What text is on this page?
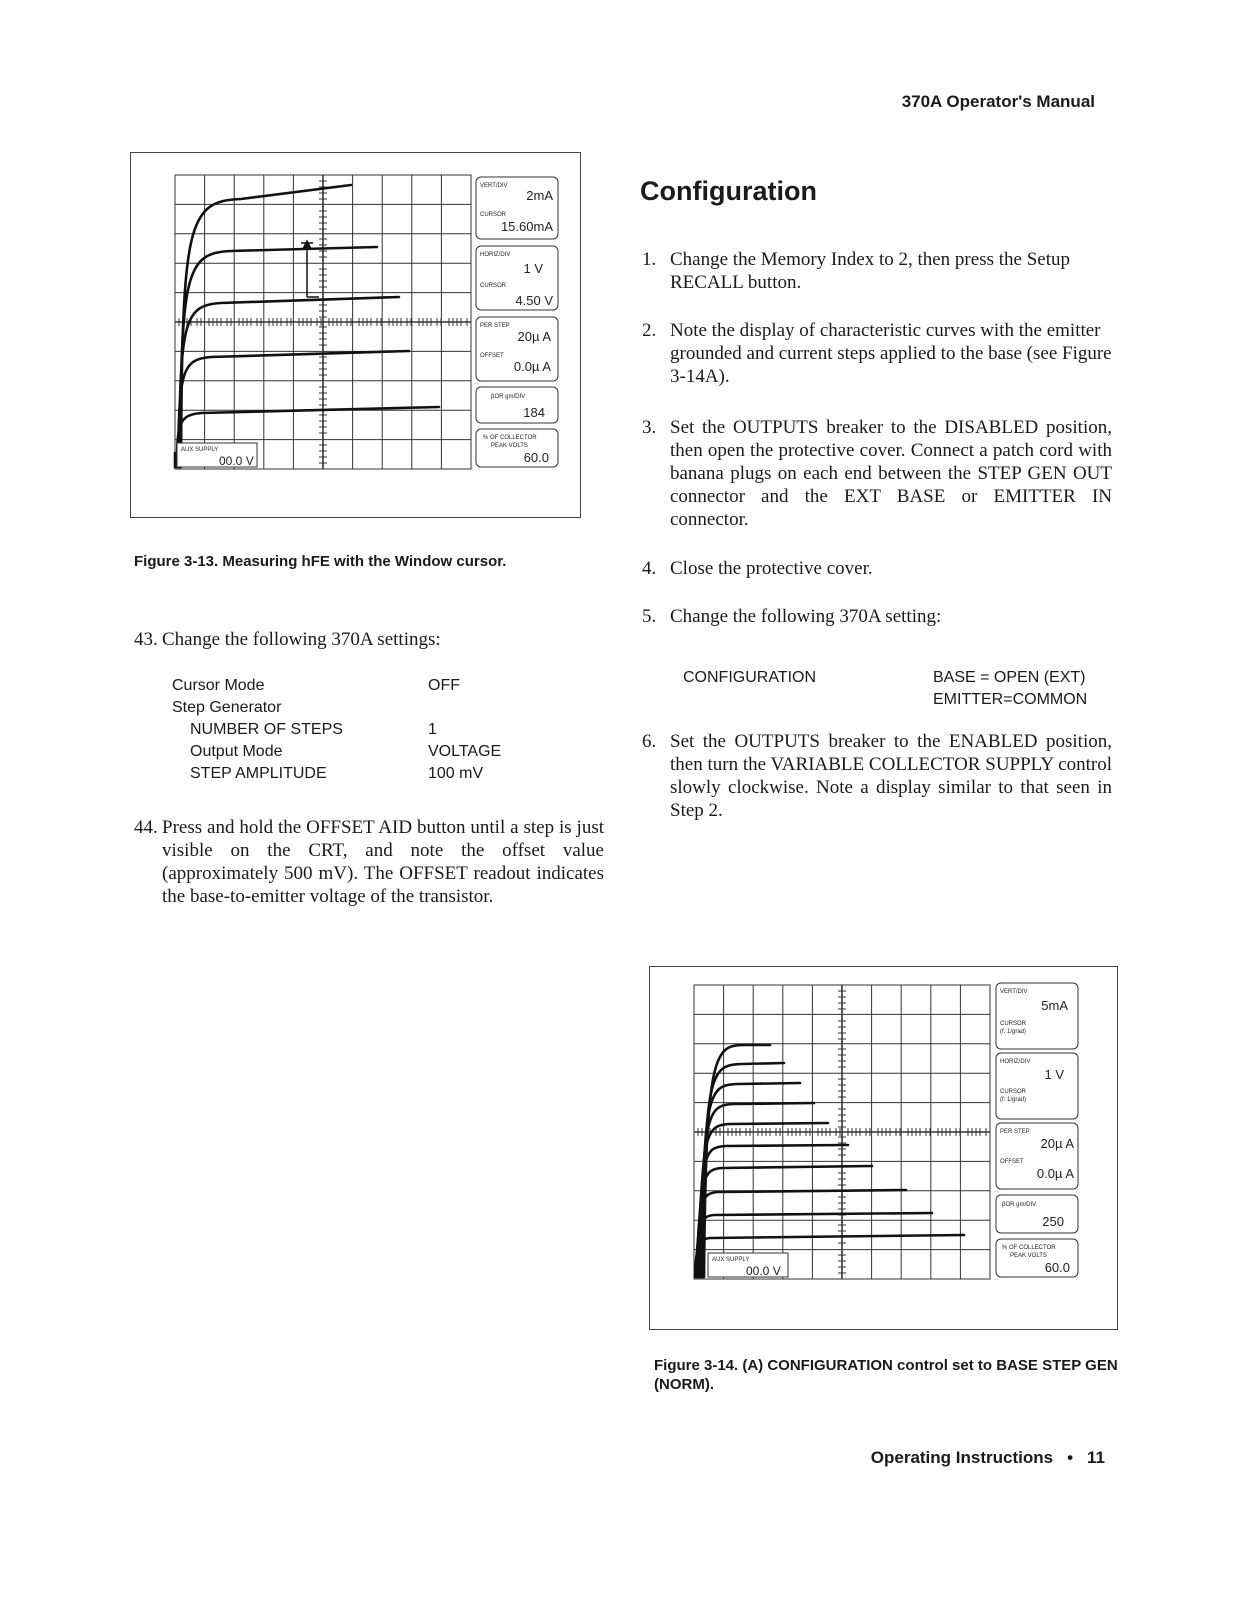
370A Operator's Manual
AUX SUPPLY
00.0 V
VERT/DIV
2mA
CURSOR
15.60mA
HORIZ/DIV
1 V
CURSOR
4.50 V
PER STEP
20µ A
OFFSET
0.0µ A
βOR gm/DIV
184
% OF COLLECTOR
PEAK VOLTS
60.0
Figure 3-13. Measuring hFE with the Window cursor.

43. Change the following 370A settings:

Cursor Mode	OFF
Step Generator
NUMBER OF STEPS	1
Output Mode	VOLTAGE
STEP AMPLITUDE	100 mV

44. Press and hold the OFFSET AID button until a step is just visible on the CRT, and note the offset value (approximately 500 mV). The OFFSET readout indicates the base-to-emitter voltage of the transistor.

Configuration

1. Change the Memory Index to 2, then press the Setup RECALL button.

2. Note the display of characteristic curves with the emitter grounded and current steps applied to the base (see Figure 3-14A).

3. Set the OUTPUTS breaker to the DISABLED position, then open the protective cover. Connect a patch cord with banana plugs on each end between the STEP GEN OUT connector and the EXT BASE or EMITTER IN connector.

4. Close the protective cover.

5. Change the following 370A setting:

CONFIGURATION	BASE = OPEN (EXT)
EMITTER=COMMON

6. Set the OUTPUTS breaker to the ENABLED position, then turn the VARIABLE COLLECTOR SUPPLY control slowly clockwise. Note a display similar to that seen in Step 2.

AUX SUPPLY
00.0 V
VERT/DIV
5mA
CURSOR
(f: 1/grad)
HORIZ/DIV
1 V
CURSOR
(f: 1/grad)
PER STEP
20µ A
OFFSET
0.0µ A
βOR gm/DIV
250
% OF COLLECTOR
PEAK VOLTS
60.0
Figure 3-14. (A) CONFIGURATION control set to BASE STEP GEN (NORM).
Operating Instructions • 11
